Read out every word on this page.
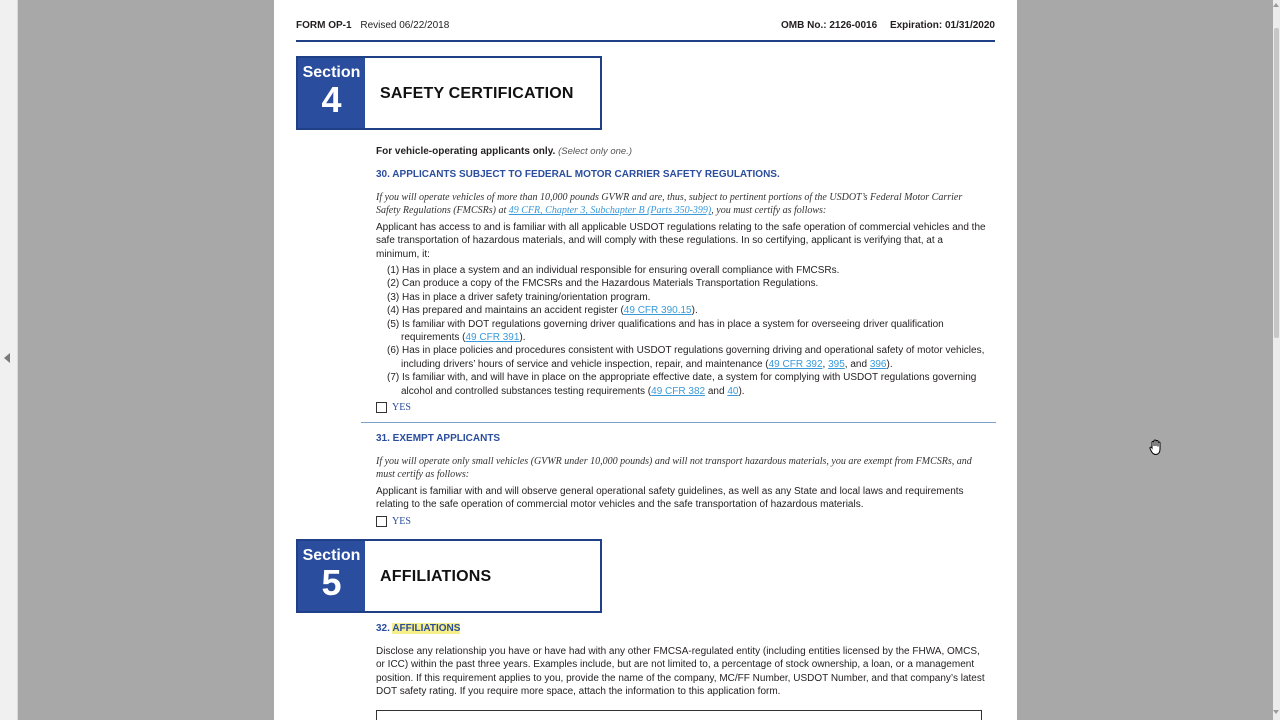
FORM OP-1 Revised 06/22/2018	OMB No.: 2126-0016 Expiration: 01/31/2020
Section
4	SAFETY CERTIFICATION
For vehicle-operating applicants only. (Select only one.)
30. APPLICANTS SUBJECT TO FEDERAL MOTOR CARRIER SAFETY REGULATIONS.
If you will operate vehicles of more than 10,000 pounds GVWR and are, thus, subject to pertinent portions of the USDOT’s Federal Motor Carrier Safety Regulations (FMCSRs) at 49 CFR, Chapter 3, Subchapter B (Parts 350-399), you must certify as follows:
Applicant has access to and is familiar with all applicable USDOT regulations relating to the safe operation of commercial vehicles and the safe transportation of hazardous materials, and will comply with these regulations. In so certifying, applicant is verifying that, at a minimum, it:
(1) Has in place a system and an individual responsible for ensuring overall compliance with FMCSRs.
(2) Can produce a copy of the FMCSRs and the Hazardous Materials Transportation Regulations.
(3) Has in place a driver safety training/orientation program.
(4) Has prepared and maintains an accident register (49 CFR 390.15).
(5) Is familiar with DOT regulations governing driver qualifications and has in place a system for overseeing driver qualification requirements (49 CFR 391).
(6) Has in place policies and procedures consistent with USDOT regulations governing driving and operational safety of motor vehicles, including drivers’ hours of service and vehicle inspection, repair, and maintenance (49 CFR 392, 395, and 396).
(7) Is familiar with, and will have in place on the appropriate effective date, a system for complying with USDOT regulations governing alcohol and controlled substances testing requirements (49 CFR 382 and 40).
YES
31. EXEMPT APPLICANTS
If you will operate only small vehicles (GVWR under 10,000 pounds) and will not transport hazardous materials, you are exempt from FMCSRs, and must certify as follows:
Applicant is familiar with and will observe general operational safety guidelines, as well as any State and local laws and requirements relating to the safe operation of commercial motor vehicles and the safe transportation of hazardous materials.
YES
Section
5	AFFILIATIONS
32. AFFILIATIONS
Disclose any relationship you have or have had with any other FMCSA-regulated entity (including entities licensed by the FHWA, OMCS, or ICC) within the past three years. Examples include, but are not limited to, a percentage of stock ownership, a loan, or a management position. If this requirement applies to you, provide the name of the company, MC/FF Number, USDOT Number, and that company’s latest DOT safety rating. If you require more space, attach the information to this application form.
